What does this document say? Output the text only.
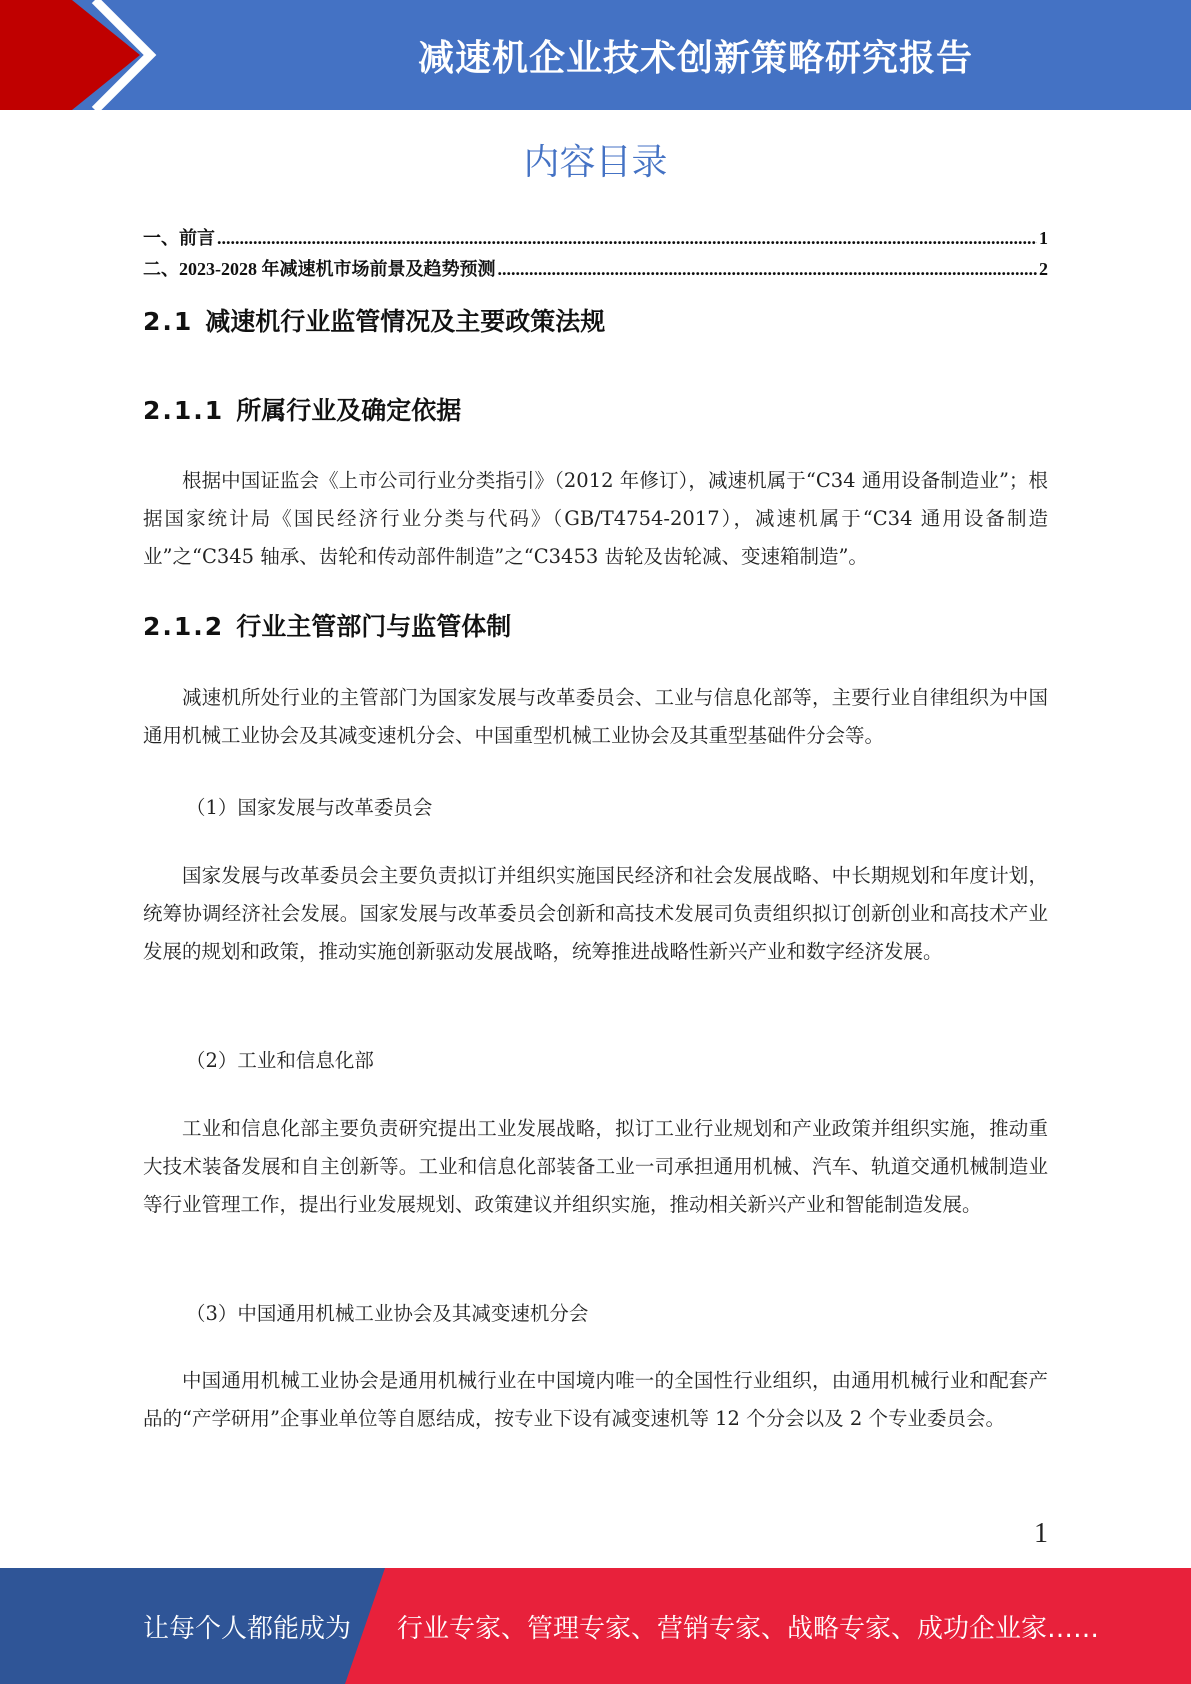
减速机企业技术创新策略研究报告
内容目录
一、前言 .....	1
二、2023-2028 年减速机市场前景及趋势预测 .....	2
2.1 减速机行业监管情况及主要政策法规
2.1.1 所属行业及确定依据

根据中国证监会《上市公司行业分类指引》（2012 年修订），减速机属于“C34 通用设备制造业”；根据国家统计局《国民经济行业分类与代码》（GB/T4754-2017），减速机属于“C34 通用设备制造业”之“C345 轴承、齿轮和传动部件制造”之“C3453 齿轮及齿轮减、变速箱制造”。

2.1.2 行业主管部门与监管体制

减速机所处行业的主管部门为国家发展与改革委员会、工业与信息化部等，主要行业自律组织为中国通用机械工业协会及其减变速机分会、中国重型机械工业协会及其重型基础件分会等。

（1）国家发展与改革委员会

国家发展与改革委员会主要负责拟订并组织实施国民经济和社会发展战略、中长期规划和年度计划，统筹协调经济社会发展。国家发展与改革委员会创新和高技术发展司负责组织拟订创新创业和高技术产业发展的规划和政策，推动实施创新驱动发展战略，统筹推进战略性新兴产业和数字经济发展。

（2）工业和信息化部

工业和信息化部主要负责研究提出工业发展战略，拟订工业行业规划和产业政策并组织实施，推动重大技术装备发展和自主创新等。工业和信息化部装备工业一司承担通用机械、汽车、轨道交通机械制造业等行业管理工作，提出行业发展规划、政策建议并组织实施，推动相关新兴产业和智能制造发展。

（3）中国通用机械工业协会及其减变速机分会

中国通用机械工业协会是通用机械行业在中国境内唯一的全国性行业组织，由通用机械行业和配套产品的“产学研用”企事业单位等自愿结成，按专业下设有减变速机等 12 个分会以及 2 个专业委员会。

1
让每个人都能成为 行业专家、管理专家、营销专家、战略专家、成功企业家……
